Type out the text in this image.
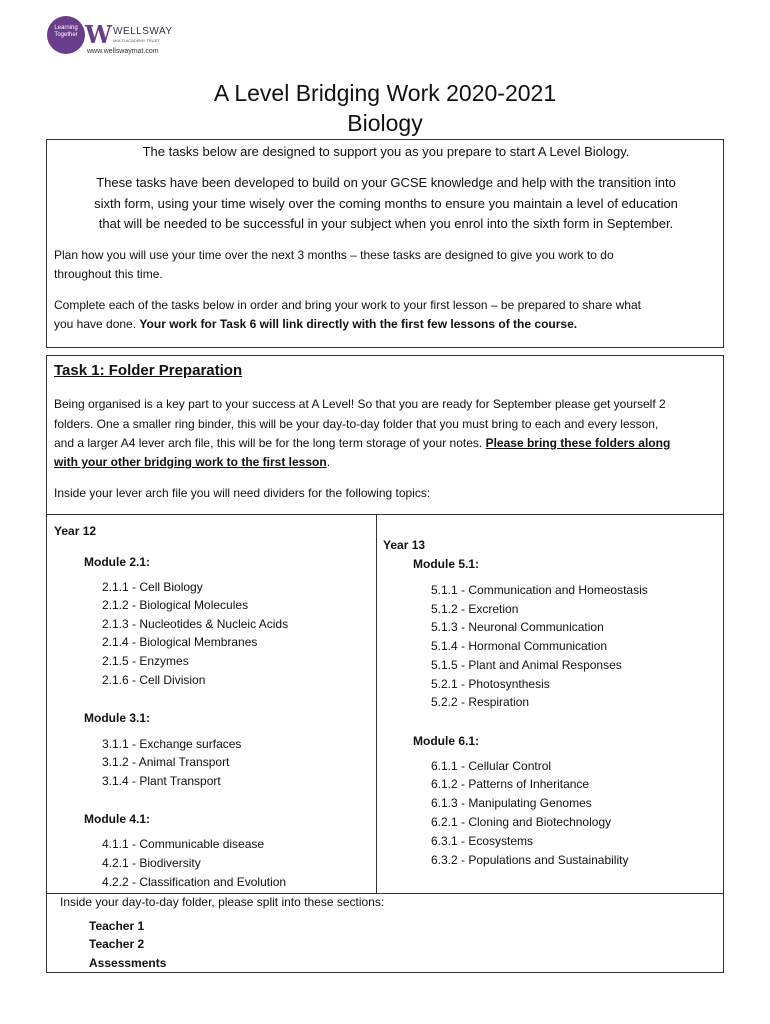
Learning Together W WELLSWAY
MULTI ACADEMY TRUST
www.wellswaymat.com
A Level Bridging Work 2020-2021
Biology
The tasks below are designed to support you as you prepare to start A Level Biology.
These tasks have been developed to build on your GCSE knowledge and help with the transition into
sixth form, using your time wisely over the coming months to ensure you maintain a level of education
that will be needed to be successful in your subject when you enrol into the sixth form in September.
Plan how you will use your time over the next 3 months – these tasks are designed to give you work to do
throughout this time.
Complete each of the tasks below in order and bring your work to your first lesson – be prepared to share what
you have done. Your work for Task 6 will link directly with the first few lessons of the course.
Task 1: Folder Preparation
Being organised is a key part to your success at A Level! So that you are ready for September please get yourself 2
folders. One a smaller ring binder, this will be your day-to-day folder that you must bring to each and every lesson,
and a larger A4 lever arch file, this will be for the long term storage of your notes. Please bring these folders along
with your other bridging work to the first lesson.
Inside your lever arch file you will need dividers for the following topics:
Year 12
Module 2.1:
2.1.1 - Cell Biology
2.1.2 - Biological Molecules
2.1.3 - Nucleotides & Nucleic Acids
2.1.4 - Biological Membranes
2.1.5 - Enzymes
2.1.6 - Cell Division
Module 3.1:
3.1.1 - Exchange surfaces
3.1.2 - Animal Transport
3.1.4 - Plant Transport
Module 4.1:
4.1.1 - Communicable disease
4.2.1 - Biodiversity
4.2.2 - Classification and Evolution
Year 13
Module 5.1:
5.1.1 - Communication and Homeostasis
5.1.2 - Excretion
5.1.3 - Neuronal Communication
5.1.4 - Hormonal Communication
5.1.5 - Plant and Animal Responses
5.2.1 - Photosynthesis
5.2.2 - Respiration
Module 6.1:
6.1.1 - Cellular Control
6.1.2 - Patterns of Inheritance
6.1.3 - Manipulating Genomes
6.2.1 - Cloning and Biotechnology
6.3.1 - Ecosystems
6.3.2 - Populations and Sustainability
Inside your day-to-day folder, please split into these sections:
Teacher 1
Teacher 2
Assessments
